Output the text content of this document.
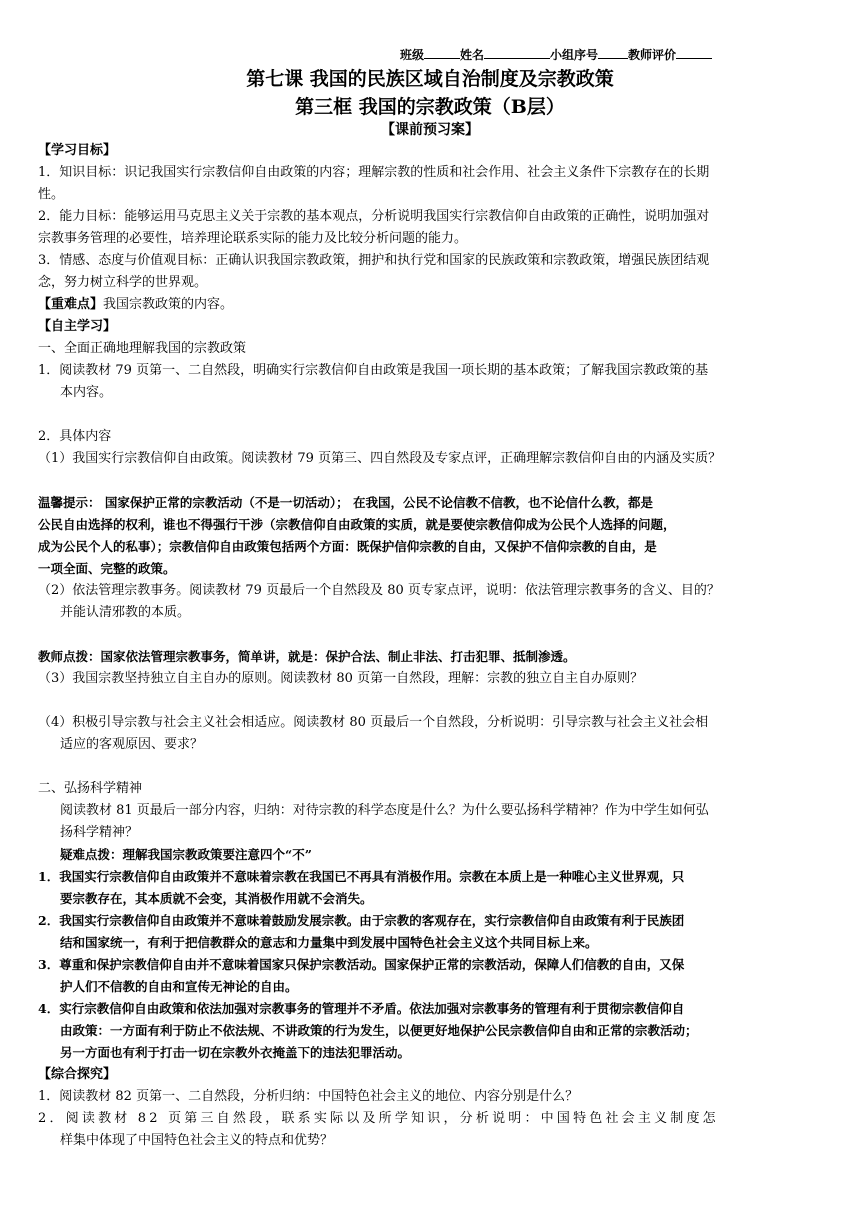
班级	姓名	小组序号	教师评价
第七课 我国的民族区域自治制度及宗教政策
第三框 我国的宗教政策（B层）
【课前预习案】
【学习目标】
1．知识目标：识记我国实行宗教信仰自由政策的内容；理解宗教的性质和社会作用、社会主义条件下宗教存在的长期
性。
2．能力目标：能够运用马克思主义关于宗教的基本观点，分析说明我国实行宗教信仰自由政策的正确性，说明加强对
宗教事务管理的必要性，培养理论联系实际的能力及比较分析问题的能力。
3．情感、态度与价值观目标：正确认识我国宗教政策，拥护和执行党和国家的民族政策和宗教政策，增强民族团结观
念，努力树立科学的世界观。
【重难点】我国宗教政策的内容。
【自主学习】
一、全面正确地理解我国的宗教政策
1．阅读教材 79 页第一、二自然段，明确实行宗教信仰自由政策是我国一项长期的基本政策；了解我国宗教政策的基
本内容。
2．具体内容
（1）我国实行宗教信仰自由政策。阅读教材 79 页第三、四自然段及专家点评，正确理解宗教信仰自由的内涵及实质？
温馨提示： 国家保护正常的宗教活动（不是一切活动）； 在我国，公民不论信教不信教，也不论信什么教，都是
公民自由选择的权利，谁也不得强行干涉（宗教信仰自由政策的实质，就是要使宗教信仰成为公民个人选择的问题，
成为公民个人的私事）；宗教信仰自由政策包括两个方面：既保护信仰宗教的自由，又保护不信仰宗教的自由，是
一项全面、完整的政策。
（2）依法管理宗教事务。阅读教材 79 页最后一个自然段及 80 页专家点评，说明：依法管理宗教事务的含义、目的？
并能认清邪教的本质。
教师点拨：国家依法管理宗教事务，简单讲，就是：保护合法、制止非法、打击犯罪、抵制渗透。
（3）我国宗教坚持独立自主自办的原则。阅读教材 80 页第一自然段，理解：宗教的独立自主自办原则？
（4）积极引导宗教与社会主义社会相适应。阅读教材 80 页最后一个自然段，分析说明：引导宗教与社会主义社会相
适应的客观原因、要求？
二、弘扬科学精神
阅读教材 81 页最后一部分内容，归纳：对待宗教的科学态度是什么？为什么要弘扬科学精神？作为中学生如何弘
扬科学精神？
疑难点拨：理解我国宗教政策要注意四个“不”
1．我国实行宗教信仰自由政策并不意味着宗教在我国已不再具有消极作用。宗教在本质上是一种唯心主义世界观，只
要宗教存在，其本质就不会变，其消极作用就不会消失。
2．我国实行宗教信仰自由政策并不意味着鼓励发展宗教。由于宗教的客观存在，实行宗教信仰自由政策有利于民族团
结和国家统一，有利于把信教群众的意志和力量集中到发展中国特色社会主义这个共同目标上来。
3．尊重和保护宗教信仰自由并不意味着国家只保护宗教活动。国家保护正常的宗教活动，保障人们信教的自由，又保
护人们不信教的自由和宣传无神论的自由。
4．实行宗教信仰自由政策和依法加强对宗教事务的管理并不矛盾。依法加强对宗教事务的管理有利于贯彻宗教信仰自
由政策：一方面有利于防止不依法规、不讲政策的行为发生，以便更好地保护公民宗教信仰自由和正常的宗教活动；
另一方面也有利于打击一切在宗教外衣掩盖下的违法犯罪活动。
【综合探究】
1．阅读教材 82 页第一、二自然段，分析归纳：中国特色社会主义的地位、内容分别是什么？
2．阅读教材 82 页第三自然段，联系实际以及所学知识，分析说明：中国特色社会主义制度怎
样集中体现了中国特色社会主义的特点和优势？
